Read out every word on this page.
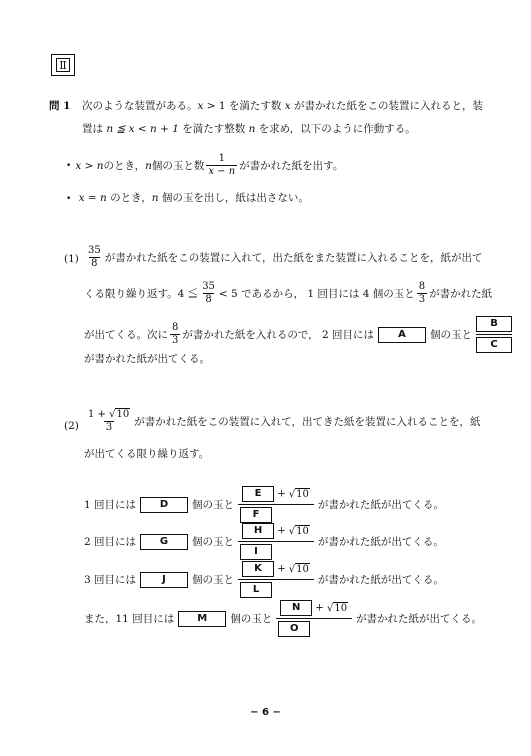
Ⅱ
問 1 次のような装置がある。x > 1 を満たす数 x が書かれた紙をこの装置に入れると，装
置は n ≦ x < n + 1 を満たす整数 n を求め，以下のように作動する。
• x > n のとき， n 個の玉と数 $\frac{1}{x - n}$ が書かれた紙を出す。
• x = n のとき，n 個の玉を出し，紙は出さない。
$(1) \frac{35}{8}$ が書かれた紙をこの装置に入れて，出た紙をまた装置に入れることを，紙が出て
くる限り繰り返す。4 ≦ $\frac{35}{8} < 5$ であるから， 1 回目には 4 個の玉と $\frac{8}{3}$ が書かれた紙
が出てくる。次に $\frac{8}{3}$ が書かれた紙を入れるので， 2 回目には	A	個の玉と $\frac{B}{C}$
が書かれた紙が出てくる。
$(2) \frac{1 + √10}{3}$ が書かれた紙をこの装置に入れて，出てきた紙を装置に入れることを，紙
が出てくる限り繰り返す。
1 回目には	D	個の玉と $\frac{E + √10}{F}$ が書かれた紙が出てくる。
2 回目には	G	個の玉と $\frac{H + √10}{I}$ が書かれた紙が出てくる。
3 回目には	J	個の玉と $\frac{K + √10}{L}$ が書かれた紙が出てくる。
また，11 回目には	M	個の玉と $\frac{N + √10}{O}$ が書かれた紙が出てくる。
− 6 −
